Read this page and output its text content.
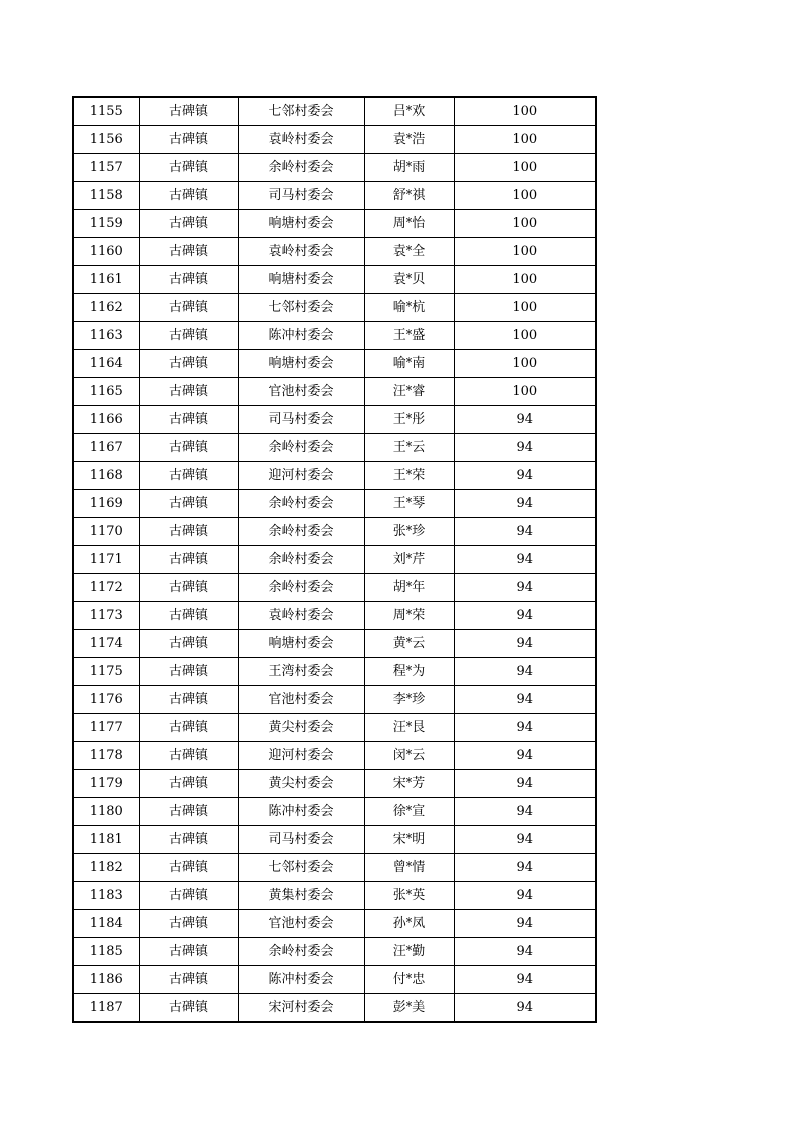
1155	古碑镇	七邻村委会	吕*欢	100
1156	古碑镇	袁岭村委会	袁*浩	100
1157	古碑镇	余岭村委会	胡*雨	100
1158	古碑镇	司马村委会	舒*祺	100
1159	古碑镇	响塘村委会	周*怡	100
1160	古碑镇	袁岭村委会	袁*全	100
1161	古碑镇	响塘村委会	袁*贝	100
1162	古碑镇	七邻村委会	喻*杭	100
1163	古碑镇	陈冲村委会	王*盛	100
1164	古碑镇	响塘村委会	喻*南	100
1165	古碑镇	官池村委会	汪*睿	100
1166	古碑镇	司马村委会	王*彤	94
1167	古碑镇	余岭村委会	王*云	94
1168	古碑镇	迎河村委会	王*荣	94
1169	古碑镇	余岭村委会	王*琴	94
1170	古碑镇	余岭村委会	张*珍	94
1171	古碑镇	余岭村委会	刘*芹	94
1172	古碑镇	余岭村委会	胡*年	94
1173	古碑镇	袁岭村委会	周*荣	94
1174	古碑镇	响塘村委会	黄*云	94
1175	古碑镇	王湾村委会	程*为	94
1176	古碑镇	官池村委会	李*珍	94
1177	古碑镇	黄尖村委会	汪*艮	94
1178	古碑镇	迎河村委会	闵*云	94
1179	古碑镇	黄尖村委会	宋*芳	94
1180	古碑镇	陈冲村委会	徐*宣	94
1181	古碑镇	司马村委会	宋*明	94
1182	古碑镇	七邻村委会	曾*情	94
1183	古碑镇	黄集村委会	张*英	94
1184	古碑镇	官池村委会	孙*凤	94
1185	古碑镇	余岭村委会	汪*勤	94
1186	古碑镇	陈冲村委会	付*忠	94
1187	古碑镇	宋河村委会	彭*美	94
